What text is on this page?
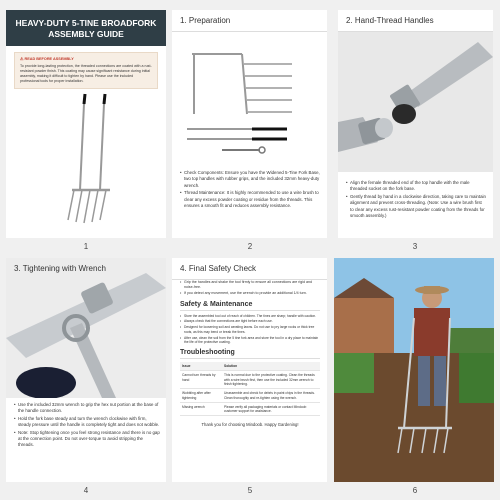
HEAVY-DUTY 5-TINE BROADFORK ASSEMBLY GUIDE
⚠ READ BEFORE ASSEMBLY
To provide long-lasting protection, the threaded connections are coated with a rust-resistant powder finish. This coating may cause significant resistance during initial assembly, making it difficult to tighten by hand. Please use the included professional tools for proper installation.
1
1. Preparation
• Check Components: Ensure you have the Widened 5-Tine Fork Base, two top handles with rubber grips, and the included 32mm heavy-duty wrench.
• Thread Maintenance: It is highly recommended to use a wire brush to clear any excess powder coating or residue from the threads. This ensures a smooth fit and reduces assembly resistance.
2
2. Hand-Thread Handles
• Align the female threaded end of the top handle with the male threaded socket on the fork base.
• Gently thread by hand in a clockwise direction, taking care to maintain alignment and prevent cross-threading. (Note: Use a wire brush first to clear any excess rust-resistant powder coating from the threads for smooth assembly.)
3
3. Tightening with Wrench
• Use the included 32mm wrench to grip the hex nut portion at the base of the handle connection.
• Hold the fork base steady and turn the wrench clockwise with firm, steady pressure until the handle is completely tight and does not wobble.
• Note: Stop tightening once you feel strong resistance and there is no gap at the connection point. Do not over-torque to avoid stripping the threads.
4
4. Final Safety Check
• Grip the handles and shake the tool firmly to ensure all connections are rigid and noise-free.
• If you detect any movement, use the wrench to provide an additional 1/4 turn.
Safety & Maintenance
• Store the assembled tool out of reach of children. The tines are sharp; handle with caution.
• Always check that the connections are tight before each use.
• Designed for loosening soil and aerating lawns. Do not use to pry large rocks or thick tree roots, as this may bend or break the tines.
• After use, clean the soil from the 5 tine fork area and store the tool in a dry place to maintain the life of the protective coating.
Troubleshooting
Issue	Solution
Cannot turn threads by hand	This is normal due to the protective coating. Clean the threads with a wire brush first, then use the included 32mm wrench to finish tightening.
Wobbling after after tightening	Unassemble and check for debris in paint chips in the threads. Clean thoroughly and re-tighten using the wrench.
Missing wrench	Please verify all packaging materials or contact Mindoob customer support for assistance.
Thank you for choosing Mindoob. Happy Gardening!
5	6
